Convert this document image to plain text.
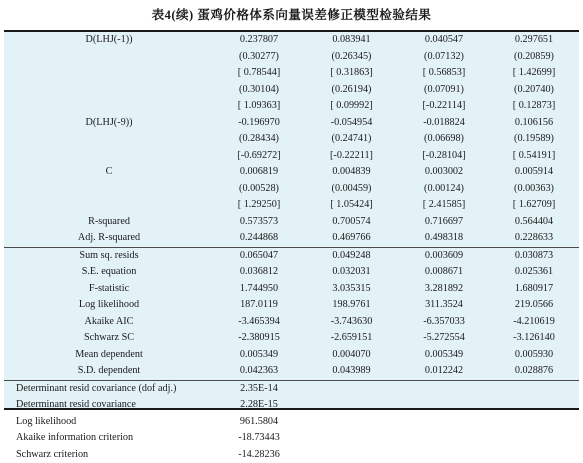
表4(续) 蛋鸡价格体系向量误差修正模型检验结果
D(LHJ(-1))	0.237807	0.083941	0.040547	0.297651
	(0.30277)	(0.26345)	(0.07132)	(0.20859)
	[ 0.78544]	[ 0.31863]	[ 0.56853]	[ 1.42699]
	(0.30104)	(0.26194)	(0.07091)	(0.20740)
	[ 1.09363]	[ 0.09992]	[-0.22114]	[ 0.12873]
D(LHJ(-9))	-0.196970	-0.054954	-0.018824	0.106156
	(0.28434)	(0.24741)	(0.06698)	(0.19589)
	[-0.69272]	[-0.22211]	[-0.28104]	[ 0.54191]
C	0.006819	0.004839	0.003002	0.005914
	(0.00528)	(0.00459)	(0.00124)	(0.00363)
	[ 1.29250]	[ 1.05424]	[ 2.41585]	[ 1.62709]
R-squared	0.573573	0.700574	0.716697	0.564404
Adj. R-squared	0.244868	0.469766	0.498318	0.228633
Sum sq. resids	0.065047	0.049248	0.003609	0.030873
S.E. equation	0.036812	0.032031	0.008671	0.025361
F-statistic	1.744950	3.035315	3.281892	1.680917
Log likelihood	187.0119	198.9761	311.3524	219.0566
Akaike AIC	-3.465394	-3.743630	-6.357033	-4.210619
Schwarz SC	-2.380915	-2.659151	-5.272554	-3.126140
Mean dependent	0.005349	0.004070	0.005349	0.005930
S.D. dependent	0.042363	0.043989	0.012242	0.028876
Determinant resid covariance (dof adj.)	2.35E-14	
Determinant resid covariance	2.28E-15	
Log likelihood	961.5804	
Akaike information criterion	-18.73443	
Schwarz criterion	-14.28236	
